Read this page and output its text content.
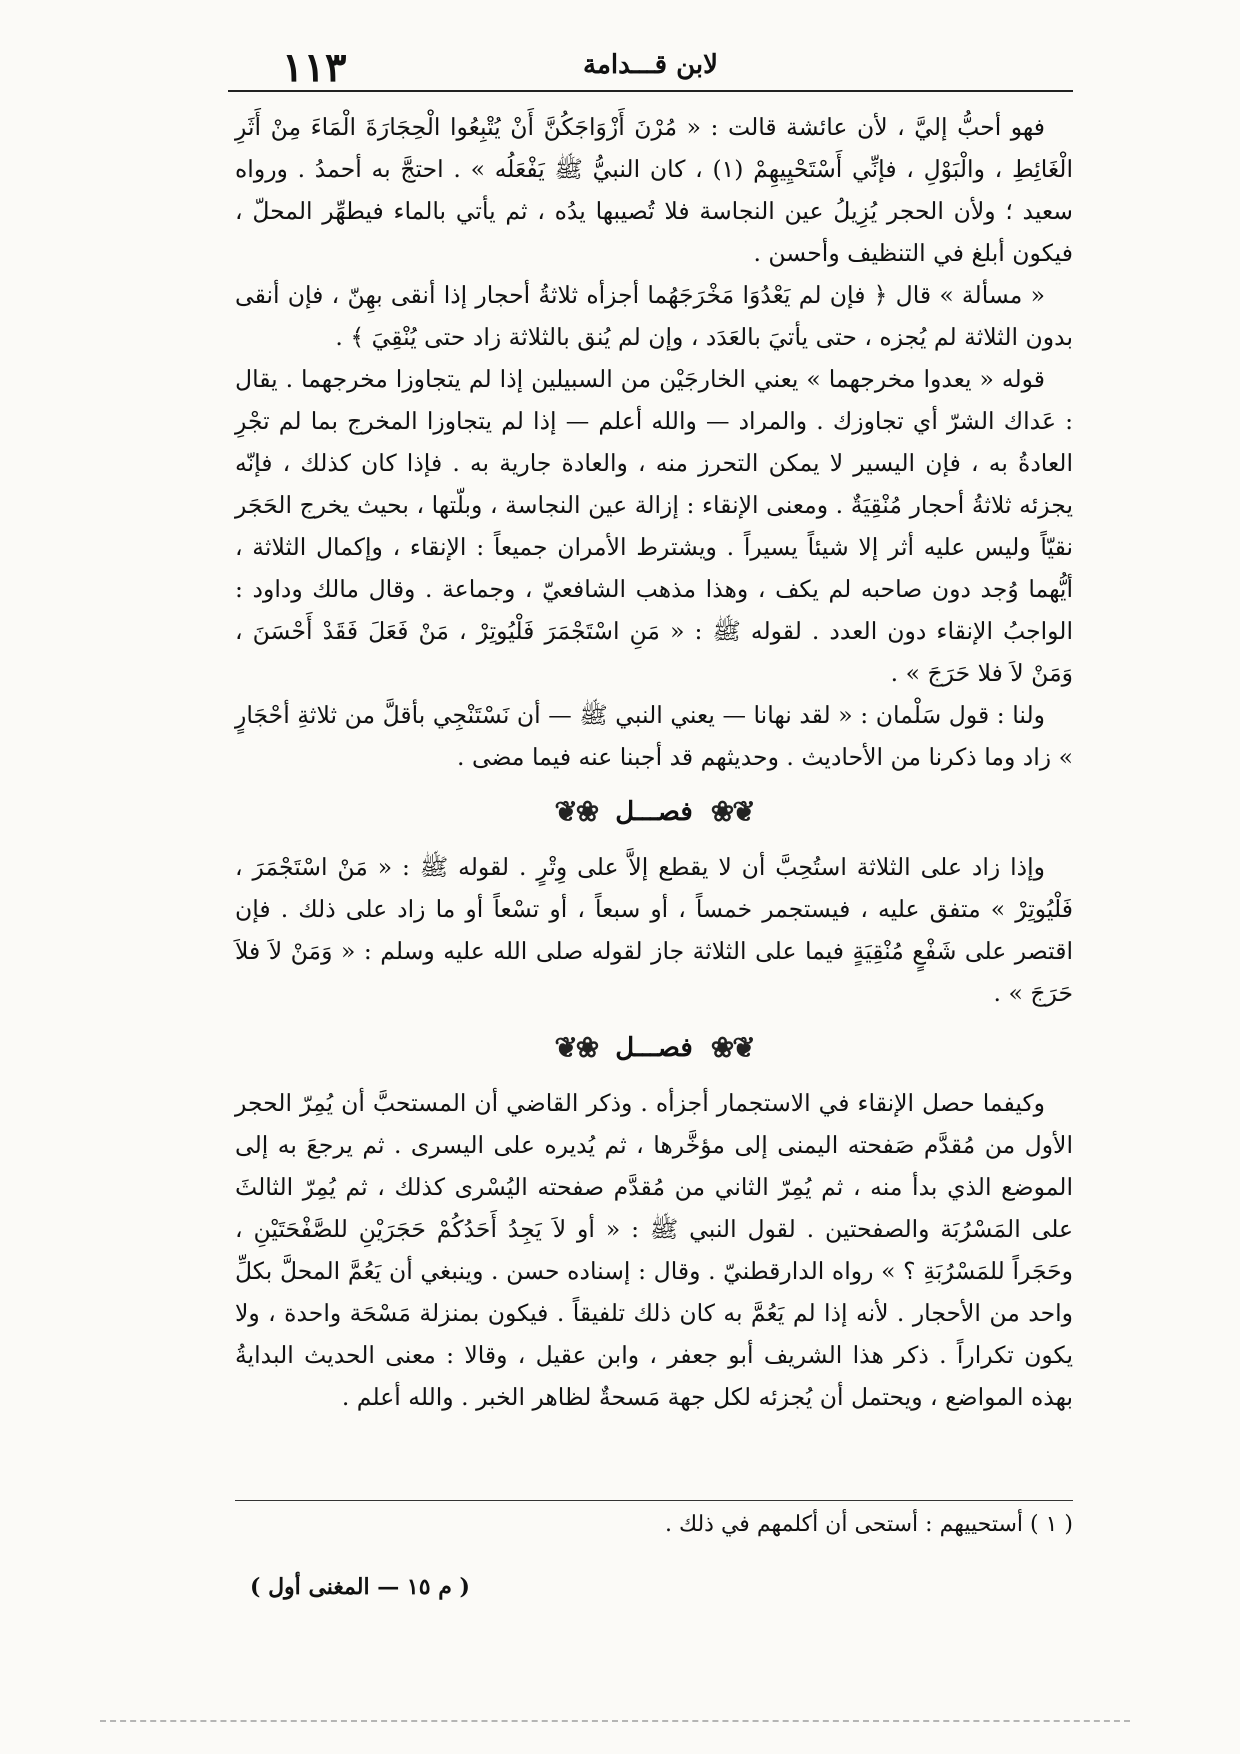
١١٣	لابن قـــدامة

فهو أحبُّ إليَّ ، لأن عائشة قالت : « مُرْنَ أَزْوَاجَكُنَّ أَنْ يُتْبِعُوا الْحِجَارَةَ الْمَاءَ مِنْ أَثَرِ الْغَائِطِ ، والْبَوْلِ ، فإنِّي أَسْتَحْيِيهِمْ (١) ، كان النبيُّ ﷺ يَفْعَلُه » . احتجَّ به أحمدُ . ورواه سعيد ؛ ولأن الحجر يُزِيلُ عين النجاسة فلا تُصيبها يدُه ، ثم يأتي بالماء فيطهِّر المحلّ ، فيكون أبلغ في التنظيف وأحسن .

« مسألة » قال ﴿ فإن لم يَعْدُوَا مَخْرَجَهُما أجزأه ثلاثةُ أحجار إذا أنقى بهِنّ ، فإن أنقى بدون الثلاثة لم يُجزه ، حتى يأتيَ بالعَدَد ، وإن لم يُنق بالثلاثة زاد حتى يُنْقِيَ ﴾ .

قوله « يعدوا مخرجهما » يعني الخارجَيْن من السبيلين إذا لم يتجاوزا مخرجهما . يقال : عَداك الشرّ أي تجاوزك . والمراد — والله أعلم — إذا لم يتجاوزا المخرج بما لم تجْرِ العادةُ به ، فإن اليسير لا يمكن التحرز منه ، والعادة جارية به . فإذا كان كذلك ، فإنّه يجزئه ثلاثةُ أحجار مُنْقِيَةٌ . ومعنى الإنقاء : إزالة عين النجاسة ، وبلّتها ، بحيث يخرج الحَجَر نقيّاً وليس عليه أثر إلا شيئاً يسيراً . ويشترط الأمران جميعاً : الإنقاء ، وإكمال الثلاثة ، أيُّهما وُجد دون صاحبه لم يكف ، وهذا مذهب الشافعيّ ، وجماعة . وقال مالك وداود : الواجبُ الإنقاء دون العدد . لقوله ﷺ : « مَنِ اسْتَجْمَرَ فَلْيُوتِرْ ، مَنْ فَعَلَ فَقَدْ أَحْسَنَ ، وَمَنْ لاَ فلا حَرَجَ » .

ولنا : قول سَلْمان : « لقد نهانا — يعني النبي ﷺ — أن نَسْتَنْجِي بأقلَّ من ثلاثةِ أحْجَارٍ » زاد وما ذكرنا من الأحاديث . وحديثهم قد أجبنا عنه فيما مضى .

❦❀
فصـــل
❀❦

وإذا زاد على الثلاثة استُحِبَّ أن لا يقطع إلاَّ على وِتْرٍ . لقوله ﷺ : « مَنْ اسْتَجْمَرَ ، فَلْيُوتِرْ » متفق عليه ، فيستجمر خمساً ، أو سبعاً ، أو تسْعاً أو ما زاد على ذلك . فإن اقتصر على شَفْعٍ مُنْقِيَةٍ فيما على الثلاثة جاز لقوله صلى الله عليه وسلم : « وَمَنْ لاَ فلاَ حَرَجَ » .

❦❀
فصـــل
❀❦

وكيفما حصل الإنقاء في الاستجمار أجزأه . وذكر القاضي أن المستحبَّ أن يُمِرّ الحجر الأول من مُقدَّم صَفحته اليمنى إلى مؤخَّرها ، ثم يُديره على اليسرى . ثم يرجعَ به إلى الموضع الذي بدأ منه ، ثم يُمِرّ الثاني من مُقدَّم صفحته اليُسْرى كذلك ، ثم يُمِرّ الثالثَ على المَسْرُبَة والصفحتين . لقول النبي ﷺ : « أو لاَ يَجِدُ أَحَدُكُمْ حَجَرَيْنِ للصَّفْحَتَيْنِ ، وحَجَراً للمَسْرُبَةِ ؟ » رواه الدارقطنيّ . وقال : إسناده حسن . وينبغي أن يَعُمَّ المحلَّ بكلِّ واحد من الأحجار . لأنه إذا لم يَعُمَّ به كان ذلك تلفيقاً . فيكون بمنزلة مَسْحَة واحدة ، ولا يكون تكراراً . ذكر هذا الشريف أبو جعفر ، وابن عقيل ، وقالا : معنى الحديث البدايةُ بهذه المواضع ، ويحتمل أن يُجزئه لكل جهة مَسحةٌ لظاهر الخبر . والله أعلم .

( ١ ) أستحييهم : أستحى أن أكلمهم في ذلك .
( م ١٥ — المغنى أول )
